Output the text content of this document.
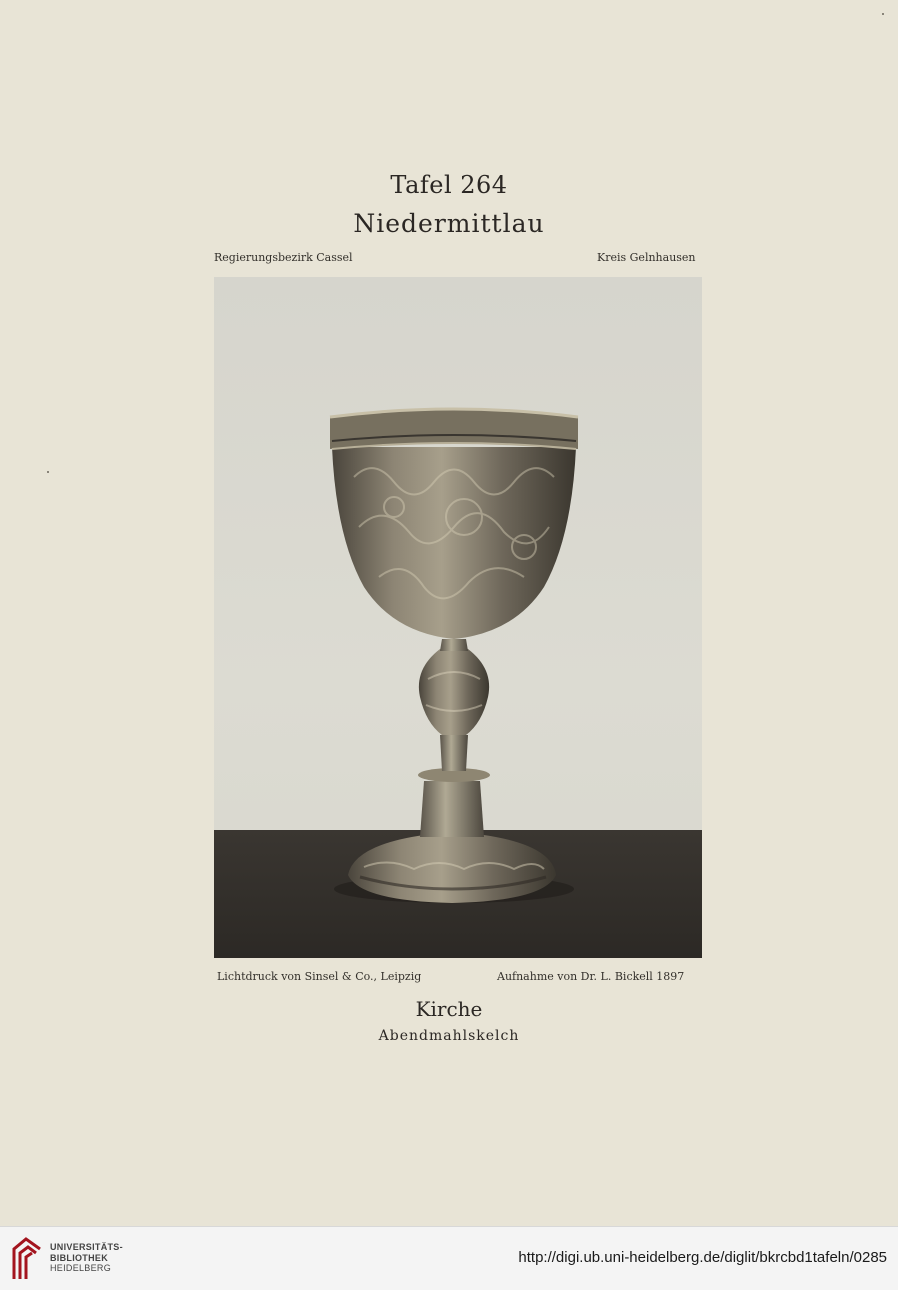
Tafel 264
Niedermittlau
Regierungsbezirk Cassel	Kreis Gelnhausen
Lichtdruck von Sinsel & Co., Leipzig	Aufnahme von Dr. L. Bickell 1897
Kirche
Abendmahlskelch
UNIVERSITÄTS-
BIBLIOTHEK
HEIDELBERG
http://digi.ub.uni-heidelberg.de/diglit/bkrcbd1tafeln/0285
